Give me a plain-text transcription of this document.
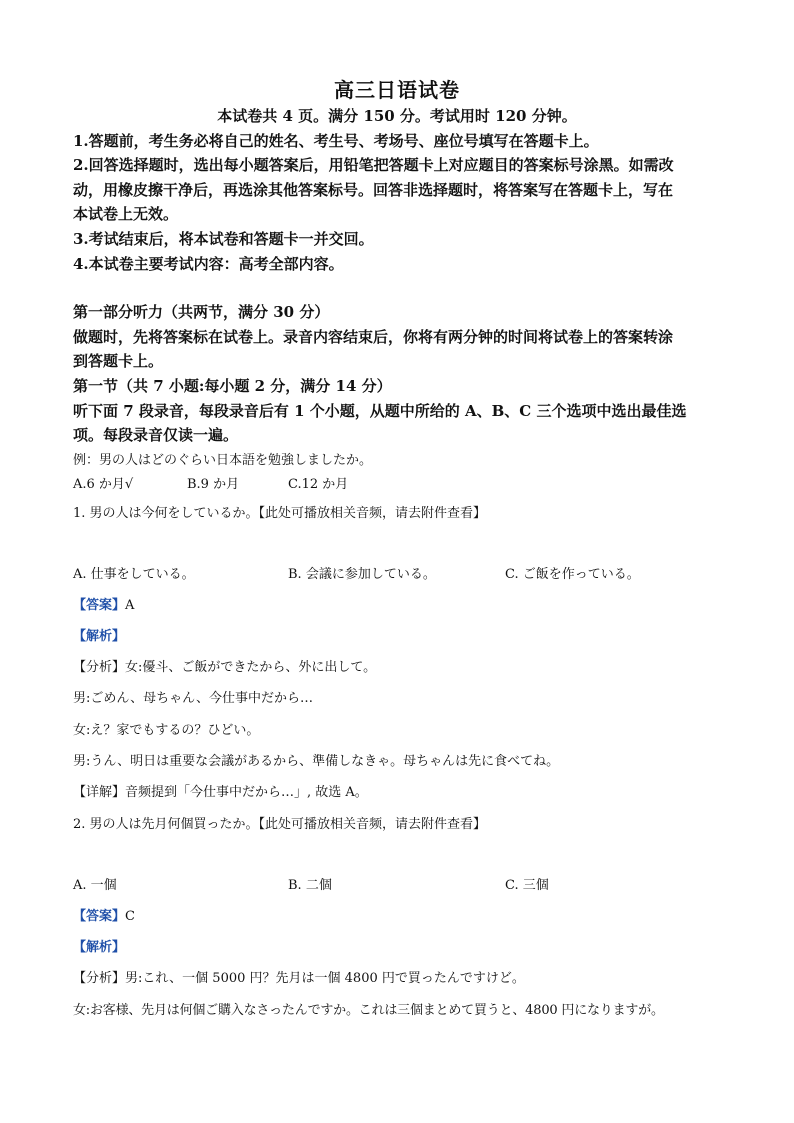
高三日语试卷
本试卷共 4 页。满分 150 分。考试用时 120 分钟。
1.答题前，考生务必将自己的姓名、考生号、考场号、座位号填写在答题卡上。
2.回答选择题时，选出每小题答案后，用铅笔把答题卡上对应题目的答案标号涂黑。如需改
动，用橡皮擦干净后，再选涂其他答案标号。回答非选择题时，将答案写在答题卡上，写在
本试卷上无效。
3.考试结束后，将本试卷和答题卡一并交回。
4.本试卷主要考试内容：高考全部内容。
第一部分听力（共两节，满分 30 分）
做题时，先将答案标在试卷上。录音内容结束后，你将有两分钟的时间将试卷上的答案转涂
到答题卡上。
第一节（共 7 小题:每小题 2 分，满分 14 分）
听下面 7 段录音，每段录音后有 1 个小题，从题中所给的 A、B、C 三个选项中选出最佳选
项。每段录音仅读一遍。
例：男の人はどのぐらい日本語を勉強しましたか。
A.6 か月√	B.9 か月	C.12 か月
1. 男の人は今何をしているか。【此处可播放相关音频，请去附件查看】
A. 仕事をしている。	B. 会議に参加している。	C. ご飯を作っている。
【答案】A
【解析】
【分析】女:優斗、ご飯ができたから、外に出して。
男:ごめん、母ちゃん、今仕事中だから…
女:え？家でもするの？ひどい。
男:うん、明日は重要な会議があるから、準備しなきゃ。母ちゃんは先に食べてね。
【详解】音频提到「今仕事中だから…」, 故选 A。
2. 男の人は先月何個買ったか。【此处可播放相关音频，请去附件查看】
A. 一個	B. 二個	C. 三個
【答案】C
【解析】
【分析】男:これ、一個 5000 円？先月は一個 4800 円で買ったんですけど。
女:お客様、先月は何個ご購入なさったんですか。これは三個まとめて買うと、4800 円になりますが。
